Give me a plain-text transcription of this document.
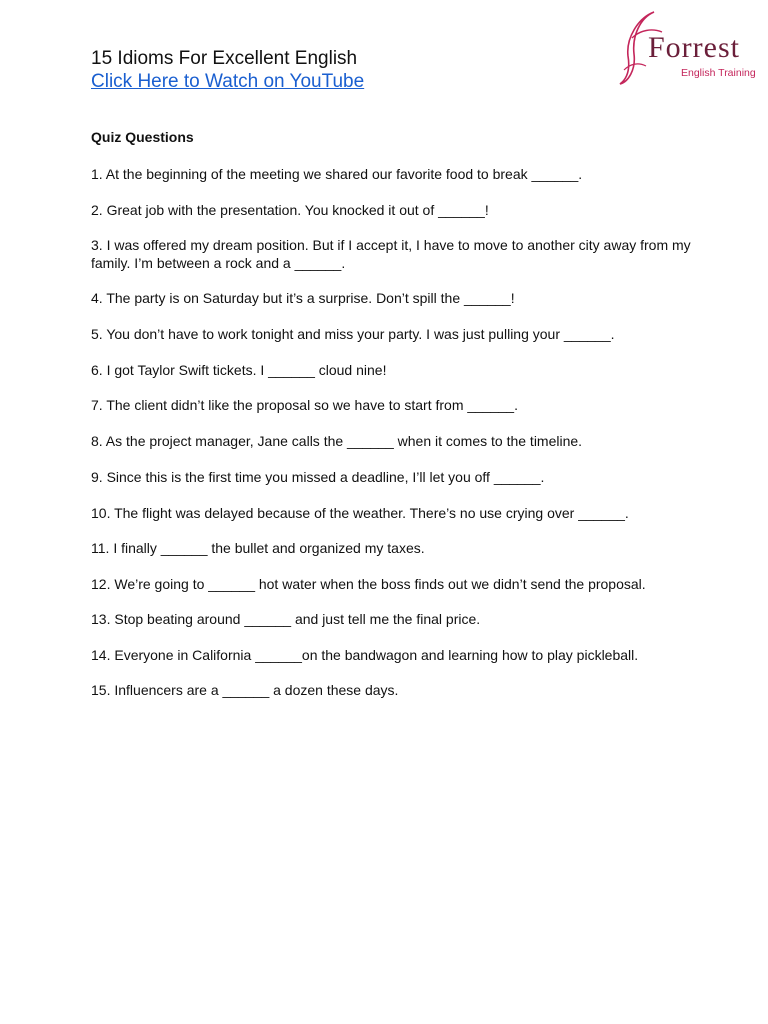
15 Idioms For Excellent English
Click Here to Watch on YouTube
Forrest
English Training
Quiz Questions
1. At the beginning of the meeting we shared our favorite food to break ______.
2. Great job with the presentation. You knocked it out of ______!
3. I was offered my dream position. But if I accept it, I have to move to another city away from my family. I’m between a rock and a ______.
4. The party is on Saturday but it’s a surprise. Don’t spill the ______!
5. You don’t have to work tonight and miss your party. I was just pulling your ______.
6. I got Taylor Swift tickets. I ______ cloud nine!
7. The client didn’t like the proposal so we have to start from ______.
8. As the project manager, Jane calls the ______ when it comes to the timeline.
9. Since this is the first time you missed a deadline, I’ll let you off ______.
10. The flight was delayed because of the weather. There’s no use crying over ______.
11. I finally ______ the bullet and organized my taxes.
12. We’re going to ______ hot water when the boss finds out we didn’t send the proposal.
13. Stop beating around ______ and just tell me the final price.
14. Everyone in California ______on the bandwagon and learning how to play pickleball.
15. Influencers are a ______ a dozen these days.
